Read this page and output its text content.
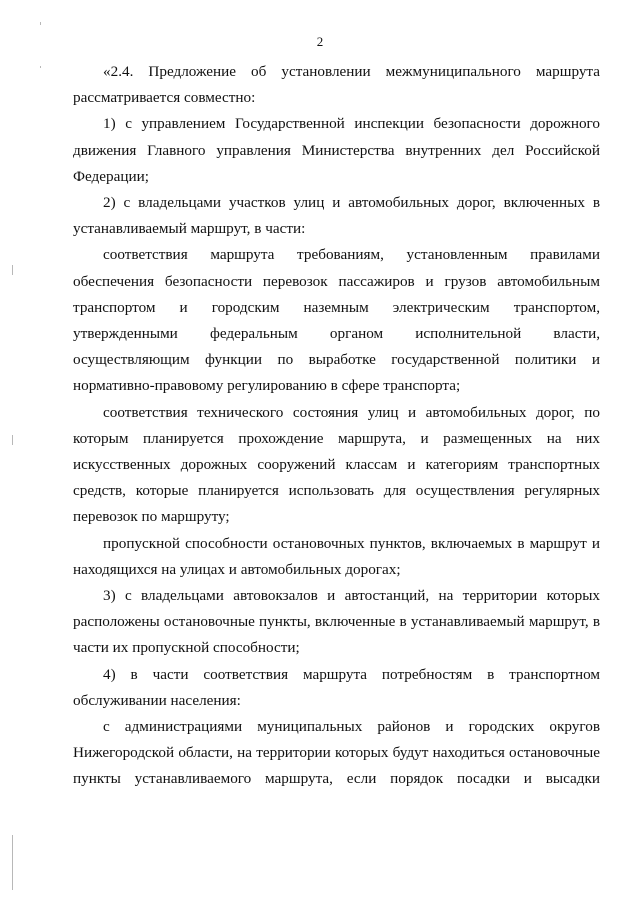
2
«2.4. Предложение об установлении межмуниципального маршрута
рассматривается совместно:
1) с управлением Государственной инспекции безопасности дорожного
движения Главного управления Министерства внутренних дел Российской
Федерации;
2) с владельцами участков улиц и автомобильных дорог, включенных в
устанавливаемый маршрут, в части:
соответствия маршрута требованиям, установленным правилами
обеспечения безопасности перевозок пассажиров и грузов автомобильным
транспортом и городским наземным электрическим транспортом,
утвержденными федеральным органом исполнительной власти,
осуществляющим функции по выработке государственной политики и
нормативно-правовому регулированию в сфере транспорта;
соответствия технического состояния улиц и автомобильных дорог, по
которым планируется прохождение маршрута, и размещенных на них
искусственных дорожных сооружений классам и категориям транспортных
средств, которые планируется использовать для осуществления регулярных
перевозок по маршруту;
пропускной способности остановочных пунктов, включаемых в маршрут и
находящихся на улицах и автомобильных дорогах;
3) с владельцами автовокзалов и автостанций, на территории которых
расположены остановочные пункты, включенные в устанавливаемый маршрут, в
части их пропускной способности;
4) в части соответствия маршрута потребностям в транспортном
обслуживании населения:
с администрациями муниципальных районов и городских округов
Нижегородской области, на территории которых будут находиться остановочные
пункты устанавливаемого маршрута, если порядок посадки и высадки
